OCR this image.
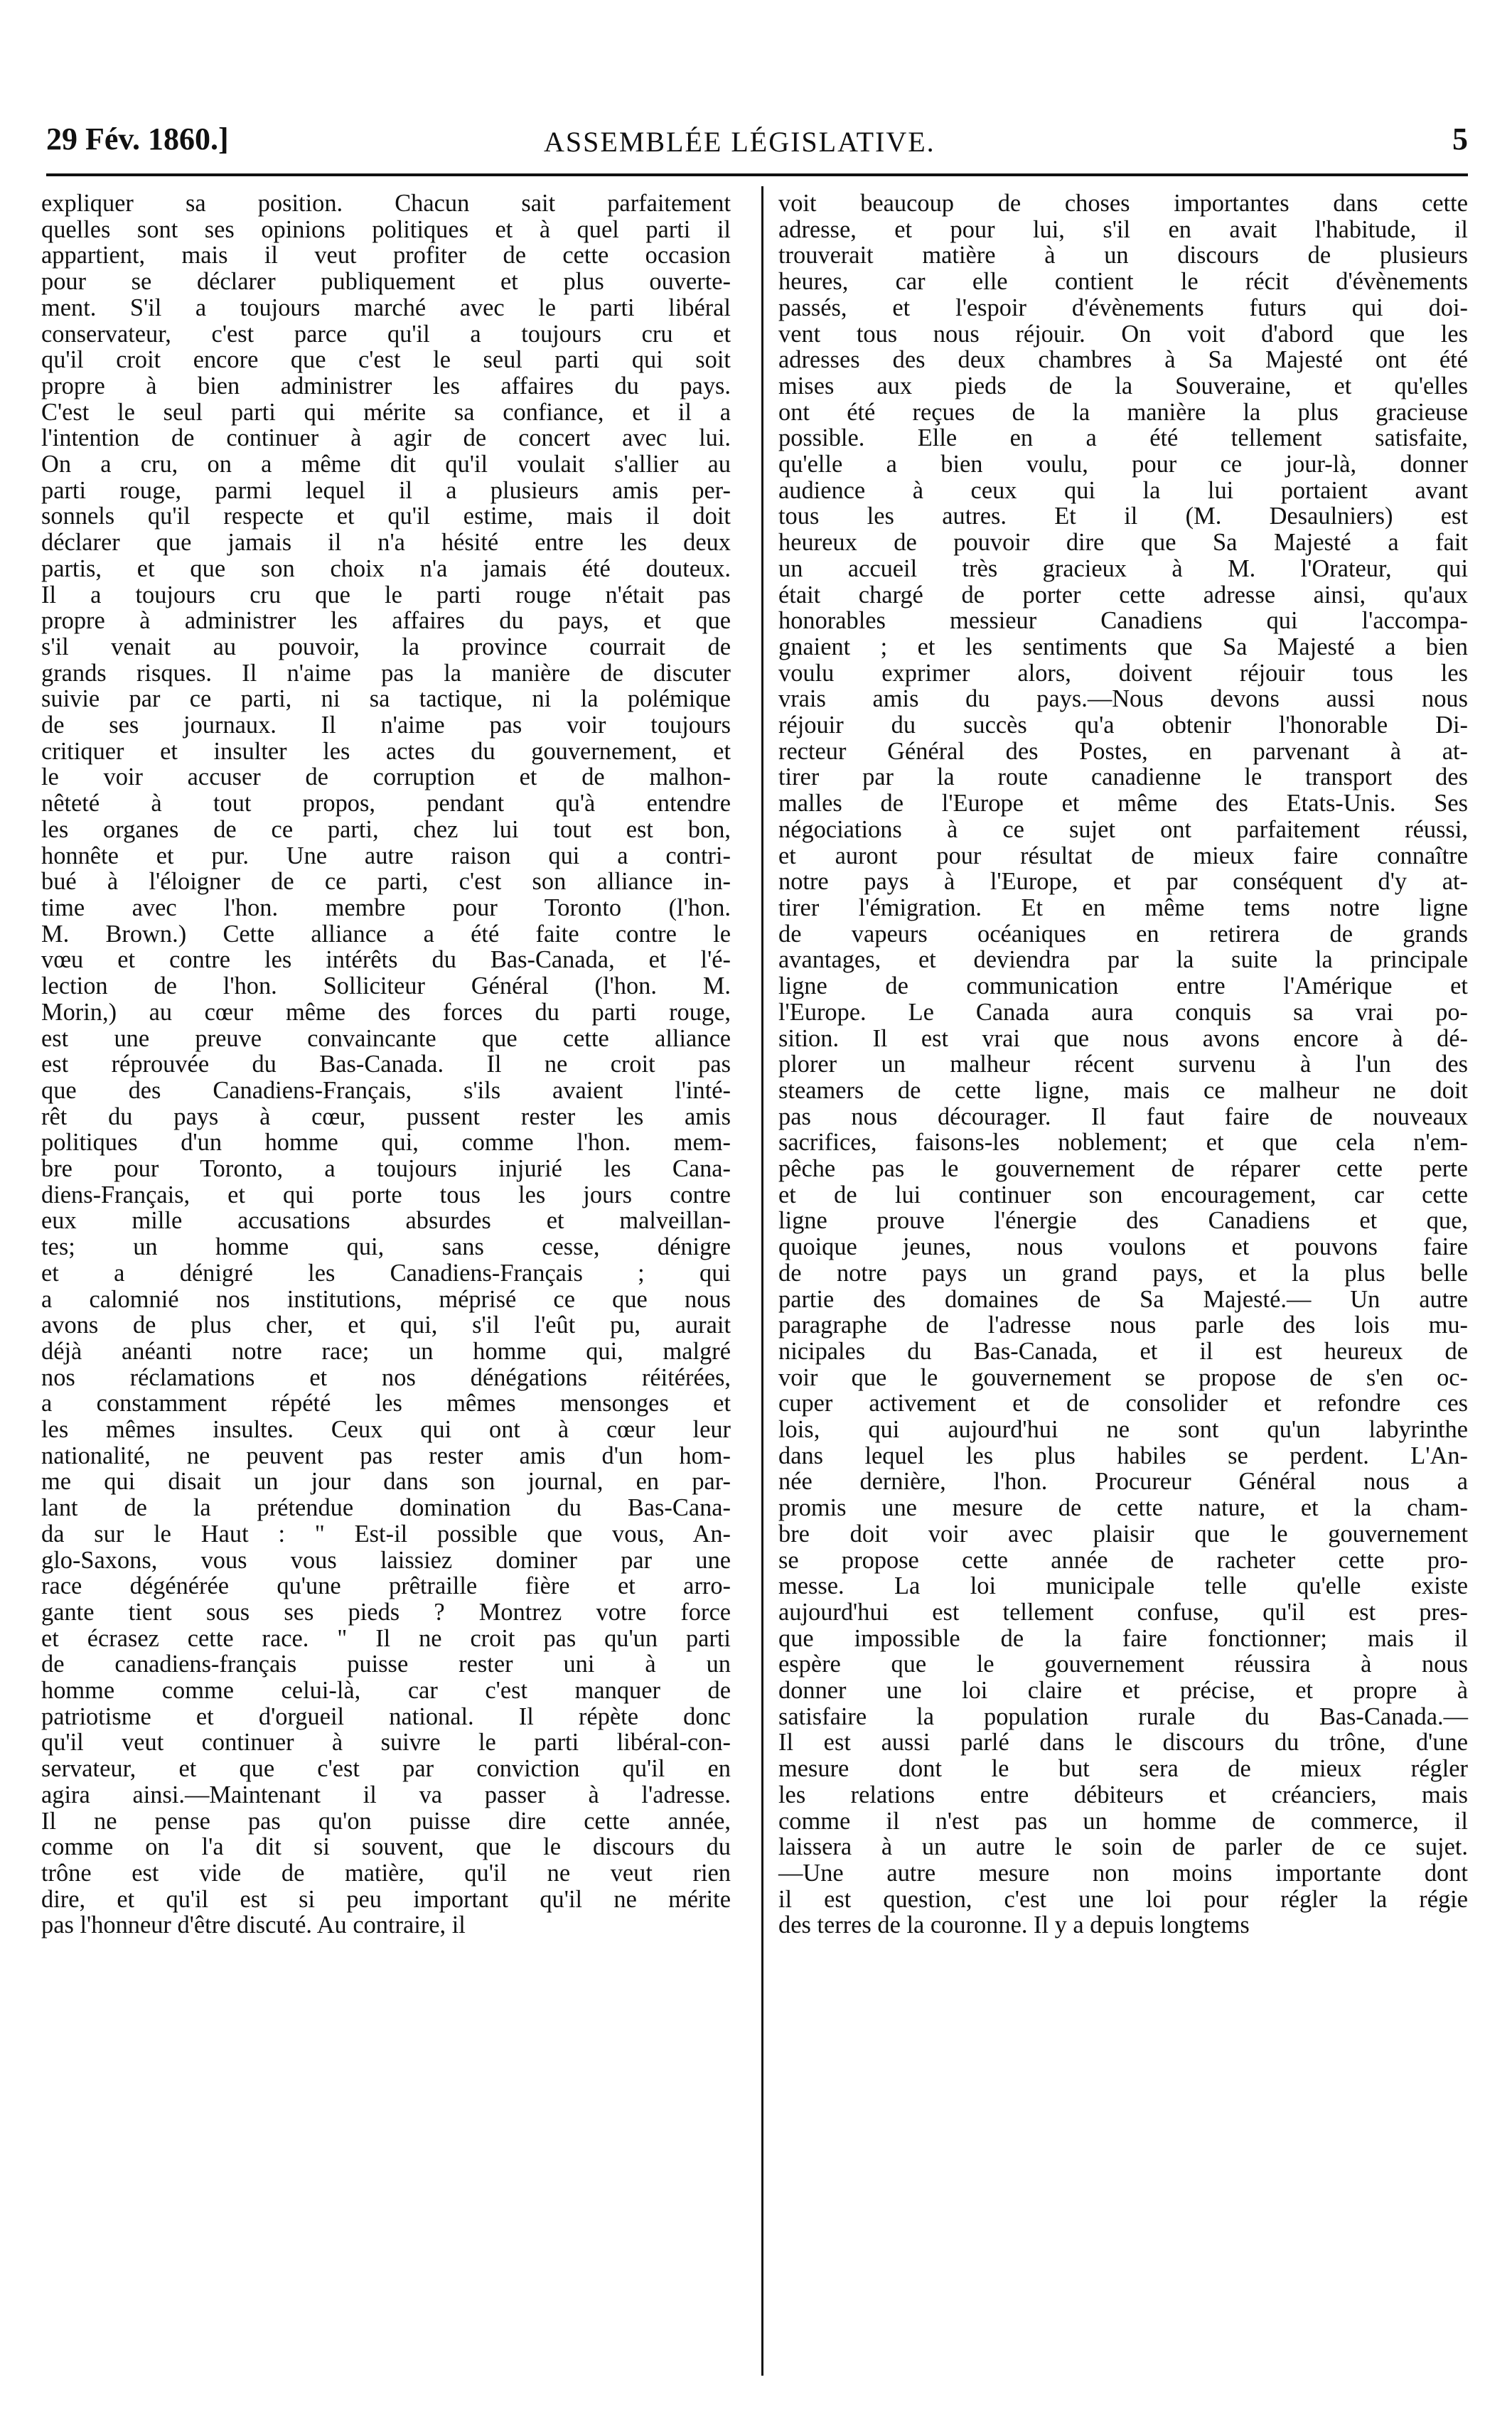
29 Fév. 1860.]	ASSEMBLÉE LÉGISLATIVE.	5

expliquer sa position. Chacun sait parfaitement

quelles sont ses opinions politiques et à quel parti il

appartient, mais il veut profiter de cette occasion

pour se déclarer publiquement et plus ouverte-

ment. S'il a toujours marché avec le parti libéral

conservateur, c'est parce qu'il a toujours cru et

qu'il croit encore que c'est le seul parti qui soit

propre à bien administrer les affaires du pays.

C'est le seul parti qui mérite sa confiance, et il a

l'intention de continuer à agir de concert avec lui.

On a cru, on a même dit qu'il voulait s'allier au

parti rouge, parmi lequel il a plusieurs amis per-

sonnels qu'il respecte et qu'il estime, mais il doit

déclarer que jamais il n'a hésité entre les deux

partis, et que son choix n'a jamais été douteux.

Il a toujours cru que le parti rouge n'était pas

propre à administrer les affaires du pays, et que

s'il venait au pouvoir, la province courrait de

grands risques. Il n'aime pas la manière de discuter

suivie par ce parti, ni sa tactique, ni la polémique

de ses journaux. Il n'aime pas voir toujours

critiquer et insulter les actes du gouvernement, et

le voir accuser de corruption et de malhon-

nêteté à tout propos, pendant qu'à entendre

les organes de ce parti, chez lui tout est bon,

honnête et pur. Une autre raison qui a contri-

bué à l'éloigner de ce parti, c'est son alliance in-

time avec l'hon. membre pour Toronto (l'hon.

M. Brown.) Cette alliance a été faite contre le

vœu et contre les intérêts du Bas-Canada, et l'é-

lection de l'hon. Solliciteur Général (l'hon. M.

Morin,) au cœur même des forces du parti rouge,

est une preuve convaincante que cette alliance

est réprouvée du Bas-Canada. Il ne croit pas

que des Canadiens-Français, s'ils avaient l'inté-

rêt du pays à cœur, pussent rester les amis

politiques d'un homme qui, comme l'hon. mem-

bre pour Toronto, a toujours injurié les Cana-

diens-Français, et qui porte tous les jours contre

eux mille accusations absurdes et malveillan-

tes; un homme qui, sans cesse, dénigre

et a dénigré les Canadiens-Français ; qui

a calomnié nos institutions, méprisé ce que nous

avons de plus cher, et qui, s'il l'eût pu, aurait

déjà anéanti notre race; un homme qui, malgré

nos réclamations et nos dénégations réitérées,

a constamment répété les mêmes mensonges et

les mêmes insultes. Ceux qui ont à cœur leur

nationalité, ne peuvent pas rester amis d'un hom-

me qui disait un jour dans son journal, en par-

lant de la prétendue domination du Bas-Cana-

da sur le Haut : " Est-il possible que vous, An-

glo-Saxons, vous vous laissiez dominer par une

race dégénérée qu'une prêtraille fière et arro-

gante tient sous ses pieds ? Montrez votre force

et écrasez cette race. " Il ne croit pas qu'un parti

de canadiens-français puisse rester uni à un

homme comme celui-là, car c'est manquer de

patriotisme et d'orgueil national. Il répète donc

qu'il veut continuer à suivre le parti libéral-con-

servateur, et que c'est par conviction qu'il en

agira ainsi.—Maintenant il va passer à l'adresse.

Il ne pense pas qu'on puisse dire cette année,

comme on l'a dit si souvent, que le discours du

trône est vide de matière, qu'il ne veut rien

dire, et qu'il est si peu important qu'il ne mérite

pas l'honneur d'être discuté. Au contraire, il

voit beaucoup de choses importantes dans cette

adresse, et pour lui, s'il en avait l'habitude, il

trouverait matière à un discours de plusieurs

heures, car elle contient le récit d'évènements

passés, et l'espoir d'évènements futurs qui doi-

vent tous nous réjouir. On voit d'abord que les

adresses des deux chambres à Sa Majesté ont été

mises aux pieds de la Souveraine, et qu'elles

ont été reçues de la manière la plus gracieuse

possible. Elle en a été tellement satisfaite,

qu'elle a bien voulu, pour ce jour-là, donner

audience à ceux qui la lui portaient avant

tous les autres. Et il (M. Desaulniers) est

heureux de pouvoir dire que Sa Majesté a fait

un accueil très gracieux à M. l'Orateur, qui

était chargé de porter cette adresse ainsi, qu'aux

honorables messieur Canadiens qui l'accompa-

gnaient ; et les sentiments que Sa Majesté a bien

voulu exprimer alors, doivent réjouir tous les

vrais amis du pays.—Nous devons aussi nous

réjouir du succès qu'a obtenir l'honorable Di-

recteur Général des Postes, en parvenant à at-

tirer par la route canadienne le transport des

malles de l'Europe et même des Etats-Unis. Ses

négociations à ce sujet ont parfaitement réussi,

et auront pour résultat de mieux faire connaître

notre pays à l'Europe, et par conséquent d'y at-

tirer l'émigration. Et en même tems notre ligne

de vapeurs océaniques en retirera de grands

avantages, et deviendra par la suite la principale

ligne de communication entre l'Amérique et

l'Europe. Le Canada aura conquis sa vrai po-

sition. Il est vrai que nous avons encore à dé-

plorer un malheur récent survenu à l'un des

steamers de cette ligne, mais ce malheur ne doit

pas nous décourager. Il faut faire de nouveaux

sacrifices, faisons-les noblement; et que cela n'em-

pêche pas le gouvernement de réparer cette perte

et de lui continuer son encouragement, car cette

ligne prouve l'énergie des Canadiens et que,

quoique jeunes, nous voulons et pouvons faire

de notre pays un grand pays, et la plus belle

partie des domaines de Sa Majesté.— Un autre

paragraphe de l'adresse nous parle des lois mu-

nicipales du Bas-Canada, et il est heureux de

voir que le gouvernement se propose de s'en oc-

cuper activement et de consolider et refondre ces

lois, qui aujourd'hui ne sont qu'un labyrinthe

dans lequel les plus habiles se perdent. L'An-

née dernière, l'hon. Procureur Général nous a

promis une mesure de cette nature, et la cham-

bre doit voir avec plaisir que le gouvernement

se propose cette année de racheter cette pro-

messe. La loi municipale telle qu'elle existe

aujourd'hui est tellement confuse, qu'il est pres-

que impossible de la faire fonctionner; mais il

espère que le gouvernement réussira à nous

donner une loi claire et précise, et propre à

satisfaire la population rurale du Bas-Canada.—

Il est aussi parlé dans le discours du trône, d'une

mesure dont le but sera de mieux régler

les relations entre débiteurs et créanciers, mais

comme il n'est pas un homme de commerce, il

laissera à un autre le soin de parler de ce sujet.

—Une autre mesure non moins importante dont

il est question, c'est une loi pour régler la régie

des terres de la couronne. Il y a depuis longtems
